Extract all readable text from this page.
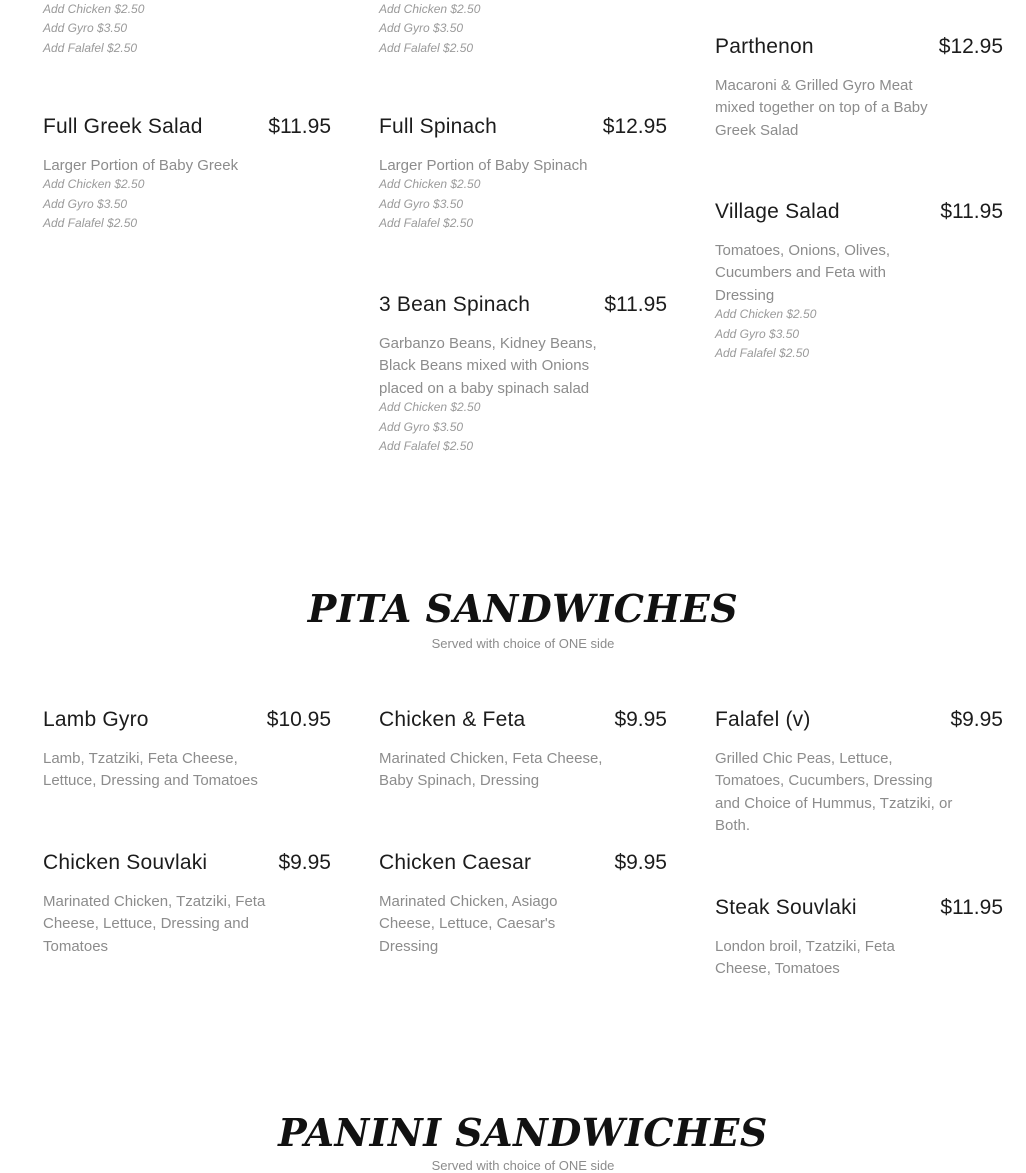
Add Chicken $2.50
Add Gyro $3.50
Add Falafel $2.50
Add Chicken $2.50
Add Gyro $3.50
Add Falafel $2.50	Parthenon	$12.95
Macaroni & Grilled Gyro Meat mixed together on top of a Baby Greek Salad
Full Greek Salad	$11.95
Larger Portion of Baby Greek
Add Chicken $2.50
Add Gyro $3.50
Add Falafel $2.50
Full Spinach	$12.95
Larger Portion of Baby Spinach
Add Chicken $2.50
Add Gyro $3.50
Add Falafel $2.50	Village Salad	$11.95
Tomatoes, Onions, Olives, Cucumbers and Feta with Dressing
Add Chicken $2.50
Add Gyro $3.50
Add Falafel $2.50
3 Bean Spinach	$11.95
Garbanzo Beans, Kidney Beans, Black Beans mixed with Onions placed on a baby spinach salad
Add Chicken $2.50
Add Gyro $3.50
Add Falafel $2.50
PITA SANDWICHES
Served with choice of ONE side
Lamb Gyro	$10.95
Lamb, Tzatziki, Feta Cheese, Lettuce, Dressing and Tomatoes
Chicken & Feta	$9.95
Marinated Chicken, Feta Cheese, Baby Spinach, Dressing
Falafel (v)	$9.95
Grilled Chic Peas, Lettuce, Tomatoes, Cucumbers, Dressing and Choice of Hummus, Tzatziki, or Both.
Chicken Souvlaki	$9.95
Marinated Chicken, Tzatziki, Feta Cheese, Lettuce, Dressing and Tomatoes
Chicken Caesar	$9.95
Marinated Chicken, Asiago Cheese, Lettuce, Caesar's Dressing
Steak Souvlaki	$11.95
London broil, Tzatziki, Feta Cheese, Tomatoes
PANINI SANDWICHES
Served with choice of ONE side
